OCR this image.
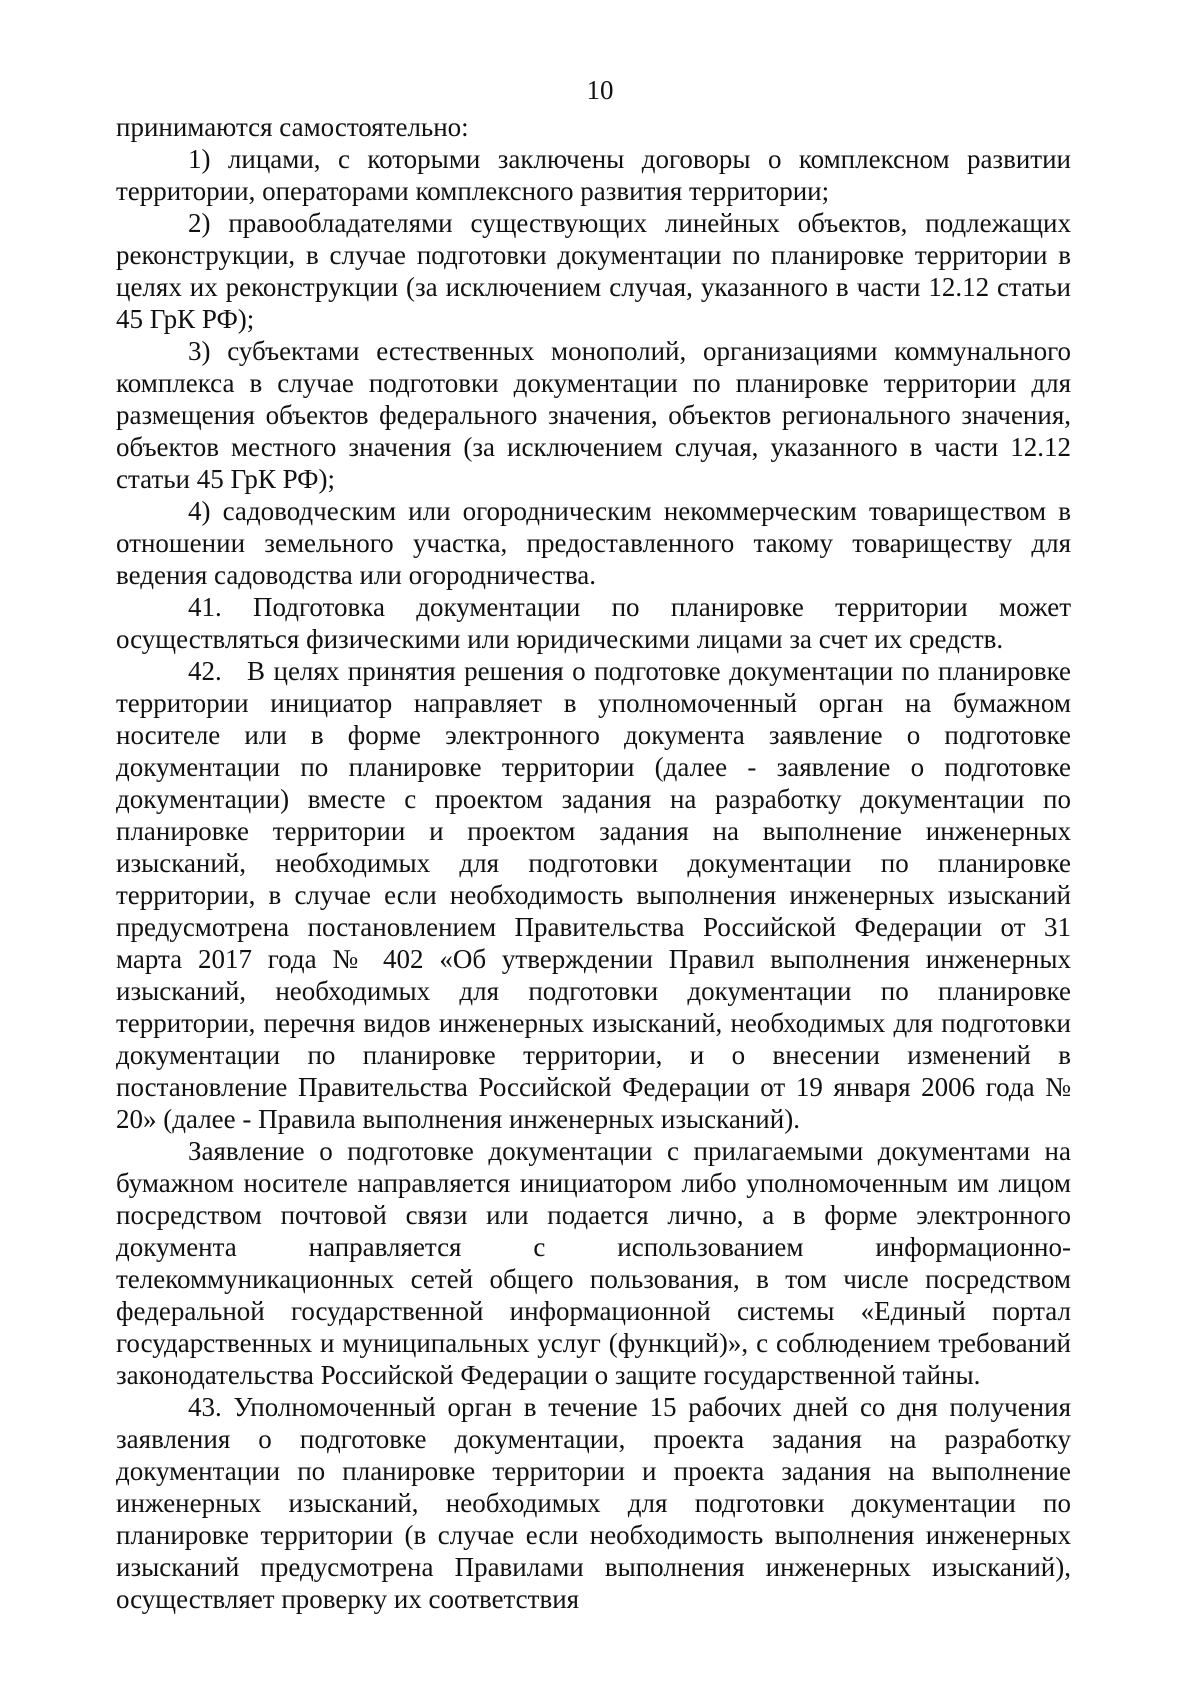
10

принимаются самостоятельно:

1) лицами, с которыми заключены договоры о комплексном развитии территории, операторами комплексного развития территории;

2) правообладателями существующих линейных объектов, подлежащих реконструкции, в случае подготовки документации по планировке территории в целях их реконструкции (за исключением случая, указанного в части 12.12 статьи 45 ГрК РФ);

3) субъектами естественных монополий, организациями коммунального комплекса в случае подготовки документации по планировке территории для размещения объектов федерального значения, объектов регионального значения, объектов местного значения (за исключением случая, указанного в части 12.12 статьи 45 ГрК РФ);

4) садоводческим или огородническим некоммерческим товариществом в отношении земельного участка, предоставленного такому товариществу для ведения садоводства или огородничества.

41. Подготовка документации по планировке территории может осуществляться физическими или юридическими лицами за счет их средств.

42.   В целях принятия решения о подготовке документации по планировке территории инициатор направляет в уполномоченный орган на бумажном носителе или в форме электронного документа заявление о подготовке документации по планировке территории (далее - заявление о подготовке документации) вместе с проектом задания на разработку документации по планировке территории и проектом задания на выполнение инженерных изысканий, необходимых для подготовки документации по планировке территории, в случае если необходимость выполнения инженерных изысканий предусмотрена постановлением Правительства Российской Федерации от 31 марта 2017 года № 402 «Об утверждении Правил выполнения инженерных изысканий, необходимых для подготовки документации по планировке территории, перечня видов инженерных изысканий, необходимых для подготовки документации по планировке территории, и о внесении изменений в постановление Правительства Российской Федерации от 19 января 2006 года № 20» (далее - Правила выполнения инженерных изысканий).

Заявление о подготовке документации с прилагаемыми документами на бумажном носителе направляется инициатором либо уполномоченным им лицом посредством почтовой связи или подается лично, а в форме электронного документа направляется с использованием информационно-телекоммуникационных сетей общего пользования, в том числе посредством федеральной государственной информационной системы «Единый портал государственных и муниципальных услуг (функций)», с соблюдением требований законодательства Российской Федерации о защите государственной тайны.

43. Уполномоченный орган в течение 15 рабочих дней со дня получения заявления о подготовке документации, проекта задания на разработку документации по планировке территории и проекта задания на выполнение инженерных изысканий, необходимых для подготовки документации по планировке территории (в случае если необходимость выполнения инженерных изысканий предусмотрена Правилами выполнения инженерных изысканий), осуществляет проверку их соответствия
